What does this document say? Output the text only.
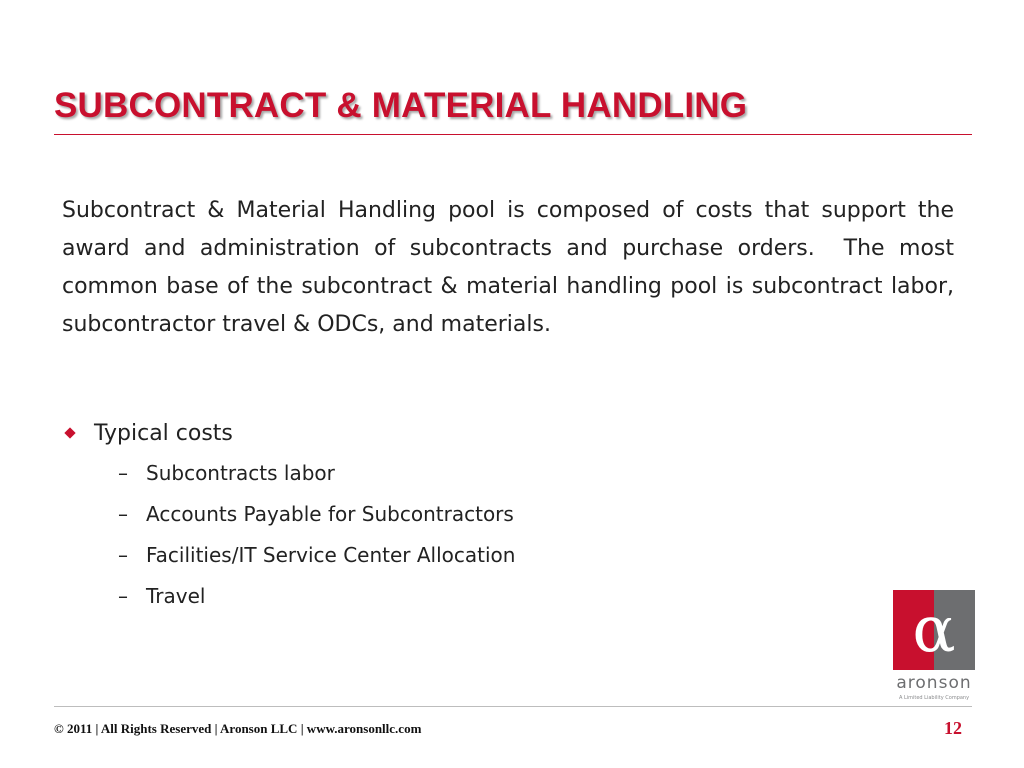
SUBCONTRACT & MATERIAL HANDLING

Subcontract & Material Handling pool is composed of costs that support the award and administration of subcontracts and purchase orders.  The most common base of the subcontract & material handling pool is subcontract labor, subcontractor travel & ODCs, and materials.

Typical costs
– Subcontracts labor
– Accounts Payable for Subcontractors
– Facilities/IT Service Center Allocation
– Travel	α
aronson
A Limited Liability Company
© 2011 | All Rights Reserved | Aronson LLC | www.aronsonllc.com	12
